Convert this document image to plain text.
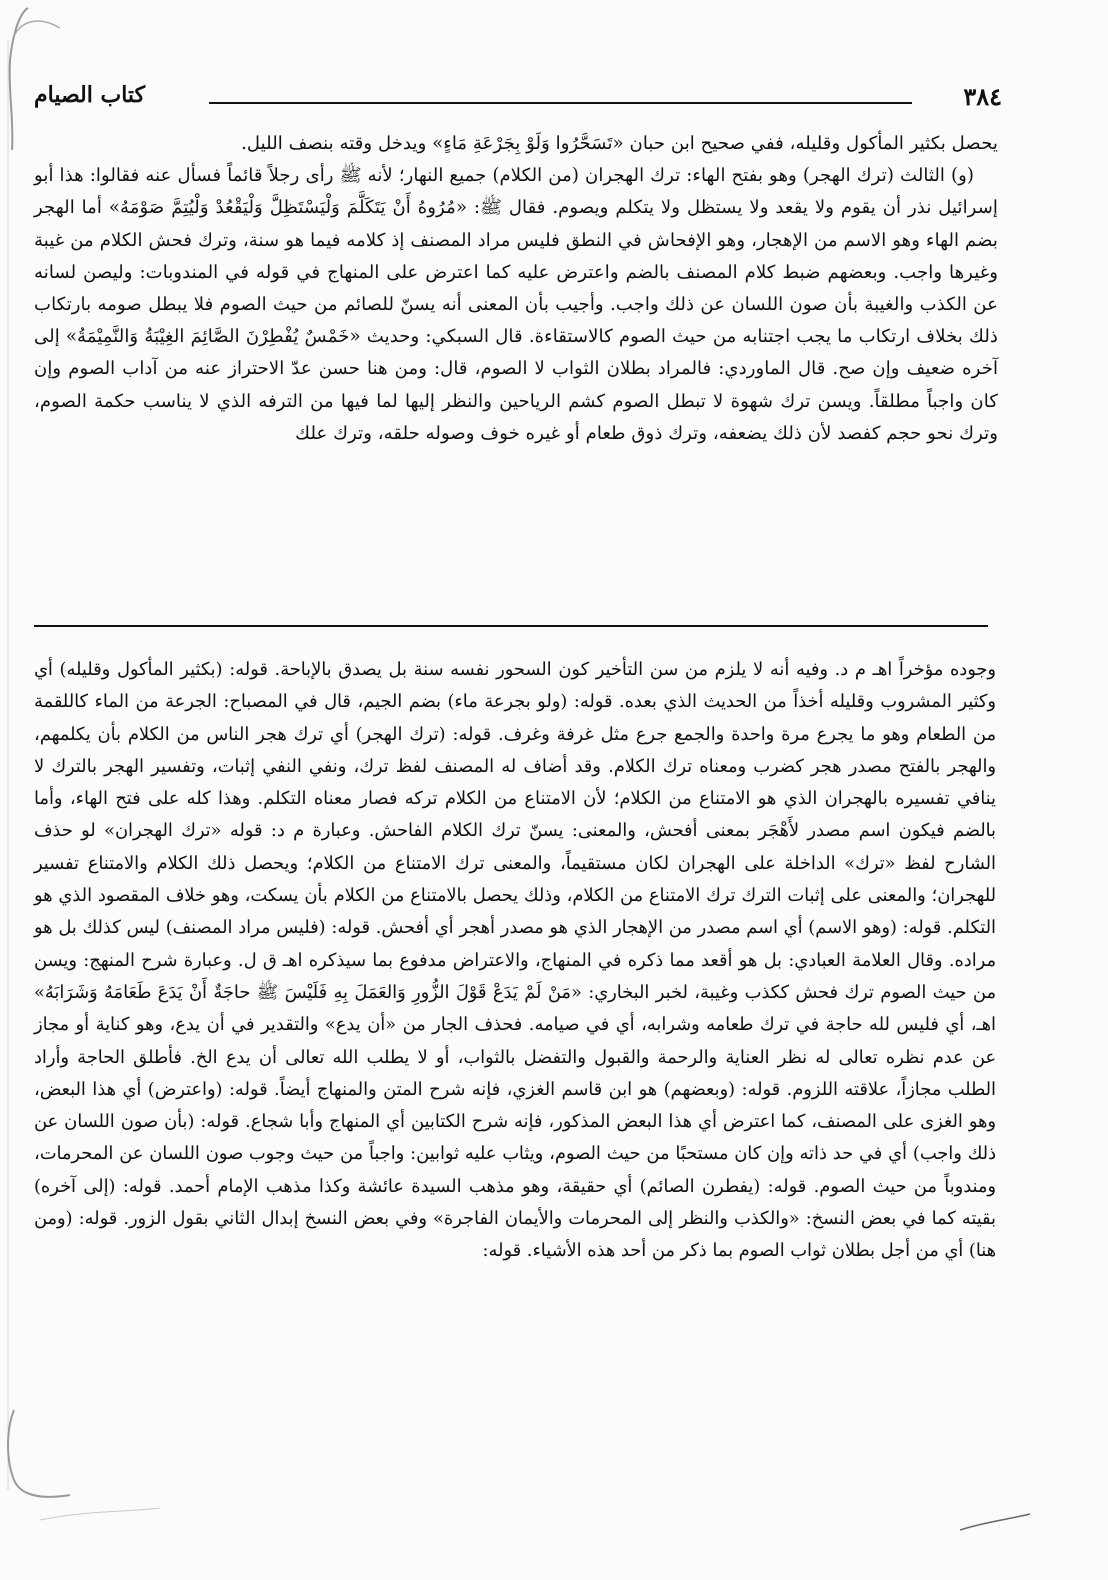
٣٨٤
كتاب الصيام

يحصل بكثير المأكول وقليله، ففي صحيح ابن حبان «تَسَحَّرُوا وَلَوْ بِجَرْعَةِ مَاءٍ» ويدخل وقته بنصف الليل.

(و) الثالث (ترك الهجر) وهو بفتح الهاء: ترك الهجران (من الكلام) جميع النهار؛ لأنه ﷺ رأى رجلاً قائماً فسأل عنه فقالوا: هذا أبو إسرائيل نذر أن يقوم ولا يقعد ولا يستظل ولا يتكلم ويصوم. فقال ﷺ: «مُرُوهُ أَنْ يَتَكَلَّمَ وَلْيَسْتَظِلَّ وَلْيَقْعُدْ وَلْيُتِمَّ صَوْمَهُ» أما الهجر بضم الهاء وهو الاسم من الإهجار، وهو الإفحاش في النطق فليس مراد المصنف إذ كلامه فيما هو سنة، وترك فحش الكلام من غيبة وغيرها واجب. وبعضهم ضبط كلام المصنف بالضم واعترض عليه كما اعترض على المنهاج في قوله في المندوبات: وليصن لسانه عن الكذب والغيبة بأن صون اللسان عن ذلك واجب. وأجيب بأن المعنى أنه يسنّ للصائم من حيث الصوم فلا يبطل صومه بارتكاب ذلك بخلاف ارتكاب ما يجب اجتنابه من حيث الصوم كالاستقاءة. قال السبكي: وحديث «خَمْسٌ يُفْطِرْنَ الصَّائِمَ الغِيْبَةُ وَالنَّمِيْمَةُ» إلى آخره ضعيف وإن صح. قال الماوردي: فالمراد بطلان الثواب لا الصوم، قال: ومن هنا حسن عدّ الاحتراز عنه من آداب الصوم وإن كان واجباً مطلقاً. ويسن ترك شهوة لا تبطل الصوم كشم الرياحين والنظر إليها لما فيها من الترفه الذي لا يناسب حكمة الصوم، وترك نحو حجم كفصد لأن ذلك يضعفه، وترك ذوق طعام أو غيره خوف وصوله حلقه، وترك علك

وجوده مؤخراً اهـ م د. وفيه أنه لا يلزم من سن التأخير كون السحور نفسه سنة بل يصدق بالإباحة. قوله: (بكثير المأكول وقليله) أي وكثير المشروب وقليله أخذاً من الحديث الذي بعده. قوله: (ولو بجرعة ماء) بضم الجيم، قال في المصباح: الجرعة من الماء كاللقمة من الطعام وهو ما يجرع مرة واحدة والجمع جرع مثل غرفة وغرف. قوله: (ترك الهجر) أي ترك هجر الناس من الكلام بأن يكلمهم، والهجر بالفتح مصدر هجر كضرب ومعناه ترك الكلام. وقد أضاف له المصنف لفظ ترك، ونفي النفي إثبات، وتفسير الهجر بالترك لا ينافي تفسيره بالهجران الذي هو الامتناع من الكلام؛ لأن الامتناع من الكلام تركه فصار معناه التكلم. وهذا كله على فتح الهاء، وأما بالضم فيكون اسم مصدر لأَهْجَر بمعنى أفحش، والمعنى: يسنّ ترك الكلام الفاحش. وعبارة م د: قوله «ترك الهجران» لو حذف الشارح لفظ «ترك» الداخلة على الهجران لكان مستقيماً، والمعنى ترك الامتناع من الكلام؛ ويحصل ذلك الكلام والامتناع تفسير للهجران؛ والمعنى على إثبات الترك ترك الامتناع من الكلام، وذلك يحصل بالامتناع من الكلام بأن يسكت، وهو خلاف المقصود الذي هو التكلم. قوله: (وهو الاسم) أي اسم مصدر من الإهجار الذي هو مصدر أهجر أي أفحش. قوله: (فليس مراد المصنف) ليس كذلك بل هو مراده. وقال العلامة العبادي: بل هو أقعد مما ذكره في المنهاج، والاعتراض مدفوع بما سيذكره اهـ ق ل. وعبارة شرح المنهج: ويسن من حيث الصوم ترك فحش ككذب وغيبة، لخبر البخاري: «مَنْ لَمْ يَدَعْ قَوْلَ الزُّورِ وَالعَمَلَ بِهِ فَلَيْسَ ﷺ حاجَةٌ أَنْ يَدَعَ طَعَامَهُ وَشَرَابَهُ» اهـ، أي فليس لله حاجة في ترك طعامه وشرابه، أي في صيامه. فحذف الجار من «أن يدع» والتقدير في أن يدع، وهو كناية أو مجاز عن عدم نظره تعالى له نظر العناية والرحمة والقبول والتفضل بالثواب، أو لا يطلب الله تعالى أن يدع الخ. فأطلق الحاجة وأراد الطلب مجازاً، علاقته اللزوم. قوله: (وبعضهم) هو ابن قاسم الغزي، فإنه شرح المتن والمنهاج أيضاً. قوله: (واعترض) أي هذا البعض، وهو الغزى على المصنف، كما اعترض أي هذا البعض المذكور، فإنه شرح الكتابين أي المنهاج وأبا شجاع. قوله: (بأن صون اللسان عن ذلك واجب) أي في حد ذاته وإن كان مستحبًا من حيث الصوم، ويثاب عليه ثوابين: واجباً من حيث وجوب صون اللسان عن المحرمات، ومندوباً من حيث الصوم. قوله: (يفطرن الصائم) أي حقيقة، وهو مذهب السيدة عائشة وكذا مذهب الإمام أحمد. قوله: (إلى آخره) بقيته كما في بعض النسخ: «والكذب والنظر إلى المحرمات والأيمان الفاجرة» وفي بعض النسخ إبدال الثاني بقول الزور. قوله: (ومن هنا) أي من أجل بطلان ثواب الصوم بما ذكر من أحد هذه الأشياء. قوله:
